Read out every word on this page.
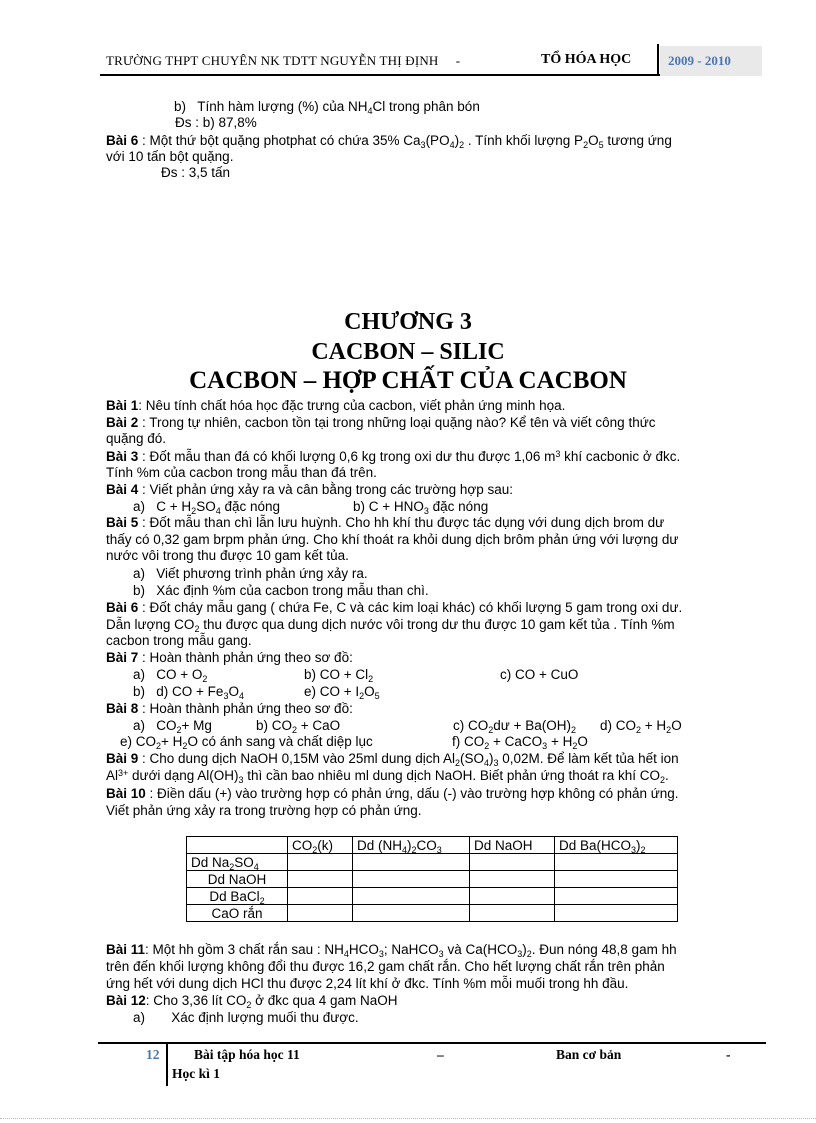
TRƯỜNG THPT CHUYÊN NK TDTT NGUYỄN THỊ ĐỊNH -	TỔ HÓA HỌC	2009 - 2010
b) Tính hàm lượng (%) của $NH_4Cl$ trong phân bón
Đs : b) 87,8%
Bài 6 : Một thứ bột quặng photphat có chứa 35% $Ca_3(PO_4)_2$ . Tính khối lượng $P_2O_5$ tương ứng
với 10 tấn bột quặng.
Đs : 3,5 tấn
CHƯƠNG 3
CACBON – SILIC
CACBON – HỢP CHẤT CỦA CACBON
Bài 1: Nêu tính chất hóa học đặc trưng của cacbon, viết phản ứng minh họa.
Bài 2 : Trong tự nhiên, cacbon tồn tại trong những loại quặng nào? Kể tên và viết công thức
quặng đó.
Bài 3 : Đốt mẫu than đá có khối lượng 0,6 kg trong oxi dư thu được 1,06 $m^3$ khí cacbonic ở đkc.
Tính %m của cacbon trong mẫu than đá trên.
Bài 4 : Viết phản ứng xảy ra và cân bằng trong các trường hợp sau:
a) $C + H_2SO_4$ đặc nóng	b) $C + HNO_3$ đặc nóng
Bài 5 : Đốt mẫu than chì lẫn lưu huỳnh. Cho hh khí thu được tác dụng với dung dịch brom dư
thấy có 0,32 gam brpm phản ứng. Cho khí thoát ra khỏi dung dịch brôm phản ứng với lượng dư
nước vôi trong thu được 10 gam kết tủa.
a) Viết phương trình phản ứng xảy ra.
b) Xác định %m của cacbon trong mẫu than chì.
Bài 6 : Đốt cháy mẫu gang ( chứa Fe, C và các kim loại khác) có khối lượng 5 gam trong oxi dư.
Dẫn lượng $CO_2$ thu được qua dung dịch nước vôi trong dư thu được 10 gam kết tủa . Tính %m
cacbon trong mẫu gang.
Bài 7 : Hoàn thành phản ứng theo sơ đồ:
a) CO + $O_2$	b) CO + $Cl_2$	c) CO + CuO
b) d) CO + $Fe_3O_4$	e) CO + $I_2O_5$
Bài 8 : Hoàn thành phản ứng theo sơ đồ:
a) $CO_2+ Mg$	b) $CO_2$ + CaO	c) $CO_2dư + Ba(OH)_2$ d) $CO_2 + H_2O$
e) $CO_2+ H_2O$ có ánh sang và chất diệp lục	f) $CO_2$ + CaCO$_3$ + $H_2O$
Bài 9 : Cho dung dịch NaOH 0,15M vào 25ml dung dịch $Al_2(SO_4)_3$ 0,02M. Để làm kết tủa hết ion
$Al^{3+}$ dưới dạng $Al(OH)_3$ thì cần bao nhiêu ml dung dịch NaOH. Biết phản ứng thoát ra khí $CO_2$.
Bài 10 : Điền dấu (+) vào trường hợp có phản ứng, dấu (-) vào trường hợp không có phản ứng.
Viết phản ứng xảy ra trong trường hợp có phản ứng.
	$CO_2(k)$	Dd $(NH_4)_2CO_3$	Dd NaOH	Dd $Ba(HCO_3)_2$
Dd $Na_2SO_4$				
Dd NaOH				
Dd BaCl$_2$				
CaO rắn				
Bài 11: Một hh gồm 3 chất rắn sau : $NH_4HCO_3$; NaHCO$_3$ và $Ca(HCO_3)_2$. Đun nóng 48,8 gam hh
trên đến khối lượng không đổi thu được 16,2 gam chất rắn. Cho hết lượng chất rắn trên phản
ứng hết với dung dịch HCl thu được 2,24 lít khí ở đkc. Tính %m mỗi muối trong hh đầu.
Bài 12: Cho 3,36 lít $CO_2$ ở đkc qua 4 gam NaOH
a) Xác định lượng muối thu được.
12	Bài tập hóa học 11	–	Ban cơ bản	-
Học kì 1
